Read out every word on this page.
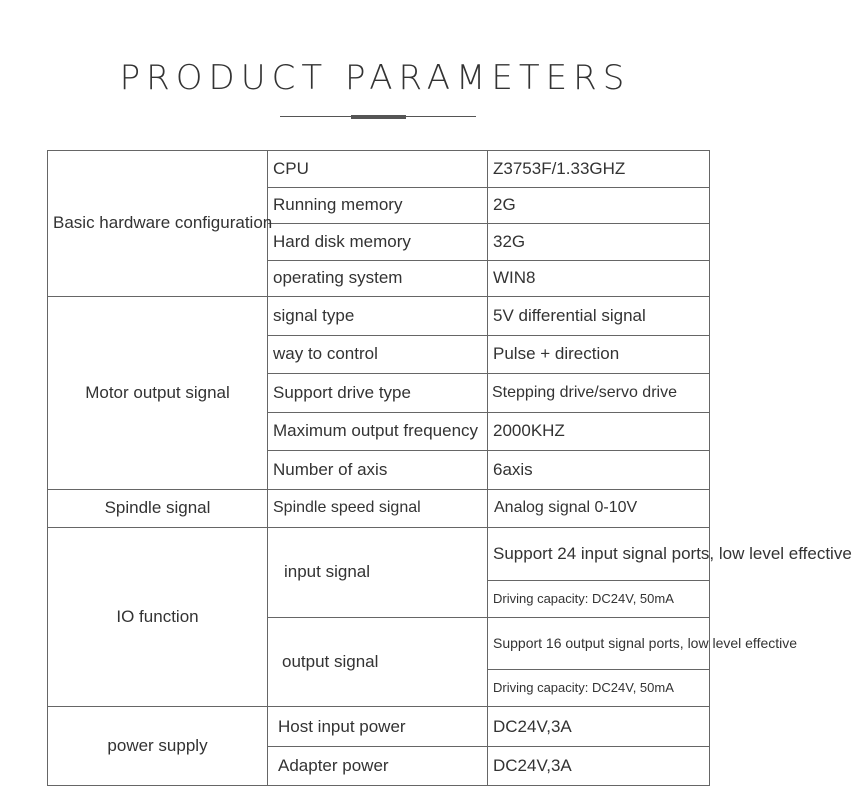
PRODUCT PARAMETERS
Basic hardware configuration	CPU	Z3753F/1.33GHZ
	Running memory	2G
	Hard disk memory	32G
	operating system	WIN8
Motor output signal	signal type	5V differential signal
	way to control	Pulse + direction
	Support drive type	Stepping drive/servo drive
	Maximum output frequency	2000KHZ
	Number of axis	6axis
Spindle signal	Spindle speed signal	Analog signal 0-10V
IO function	input signal	Support 24 input signal ports, low level effective
		Driving capacity: DC24V, 50mA
	output signal	Support 16 output signal ports, low level effective
		Driving capacity: DC24V, 50mA
power supply	Host input power	DC24V,3A
	Adapter power	DC24V,3A
